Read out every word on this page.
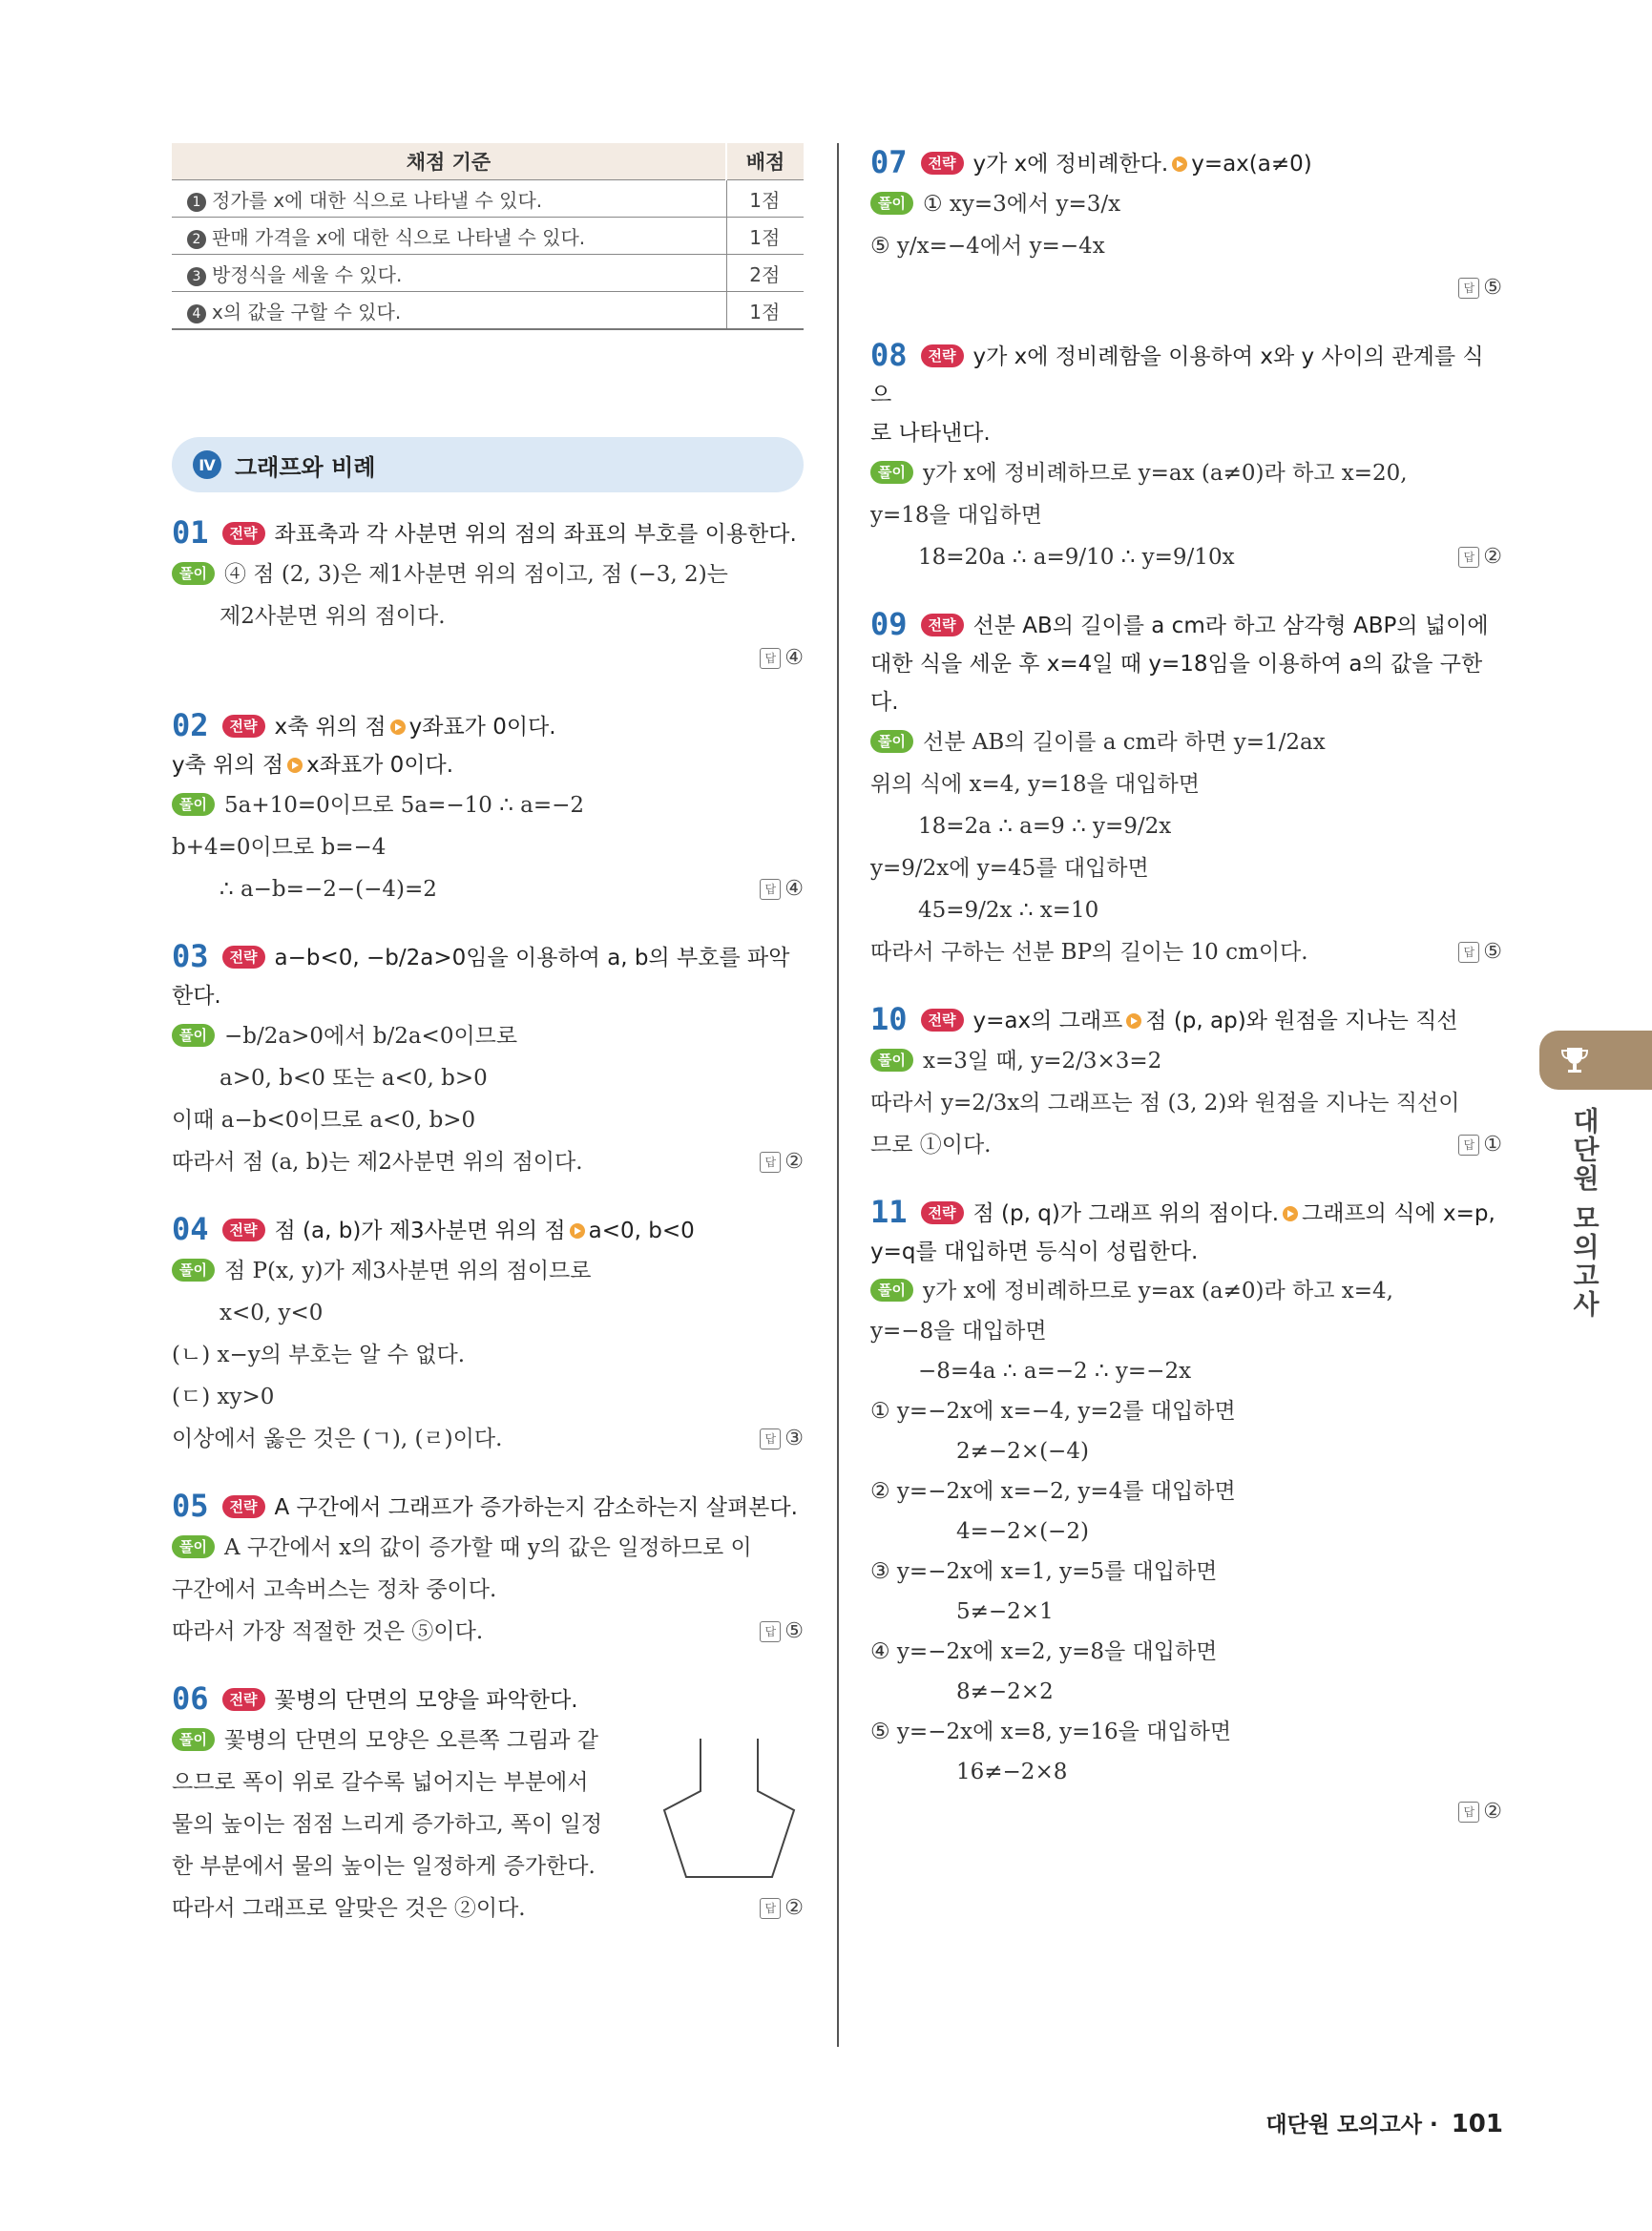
채점 기준	배점
1 정가를 x에 대한 식으로 나타낼 수 있다.	1점
2 판매 가격을 x에 대한 식으로 나타낼 수 있다.	1점
3 방정식을 세울 수 있다.	2점
4 x의 값을 구할 수 있다.	1점
Ⅳ 그래프와 비례
01 전략 좌표축과 각 사분면 위의 점의 좌표의 부호를 이용한다.
풀이 ④ 점 (2, 3)은 제1사분면 위의 점이고, 점 (−3, 2)는
제2사분면 위의 점이다.
답 ④
02 전략 x축 위의 점 y좌표가 0이다.
y축 위의 점 x좌표가 0이다.
풀이 5a+10=0이므로 5a=−10 ∴ a=−2
b+4=0이므로 b=−4
∴ a−b=−2−(−4)=2	답 ④
03 전략 a−b<0, −b/2a>0임을 이용하여 a, b의 부호를 파악
한다.
풀이 −b/2a>0에서 b/2a<0이므로
a>0, b<0 또는 a<0, b>0
이때 a−b<0이므로 a<0, b>0
따라서 점 (a, b)는 제2사분면 위의 점이다.	답 ②
04 전략 점 (a, b)가 제3사분면 위의 점 a<0, b<0
풀이 점 P(x, y)가 제3사분면 위의 점이므로
x<0, y<0
(ㄴ) x−y의 부호는 알 수 없다.
(ㄷ) xy>0
이상에서 옳은 것은 (ㄱ), (ㄹ)이다.	답 ③
05 전략 A 구간에서 그래프가 증가하는지 감소하는지 살펴본다.
풀이 A 구간에서 x의 값이 증가할 때 y의 값은 일정하므로 이
구간에서 고속버스는 정차 중이다.
따라서 가장 적절한 것은 ⑤이다.	답 ⑤
06 전략 꽃병의 단면의 모양을 파악한다.
풀이 꽃병의 단면의 모양은 오른쪽 그림과 같
으므로 폭이 위로 갈수록 넓어지는 부분에서
물의 높이는 점점 느리게 증가하고, 폭이 일정
한 부분에서 물의 높이는 일정하게 증가한다.
따라서 그래프로 알맞은 것은 ②이다.	답 ②
07 전략 y가 x에 정비례한다. y=ax(a≠0)
풀이 ① xy=3에서 y=3/x
⑤ y/x=−4에서 y=−4x
답 ⑤
08 전략 y가 x에 정비례함을 이용하여 x와 y 사이의 관계를 식으
로 나타낸다.
풀이 y가 x에 정비례하므로 y=ax (a≠0)라 하고 x=20,
y=18을 대입하면
18=20a ∴ a=9/10 ∴ y=9/10x	답 ②
09 전략 선분 AB의 길이를 a cm라 하고 삼각형 ABP의 넓이에
대한 식을 세운 후 x=4일 때 y=18임을 이용하여 a의 값을 구한다.
풀이 선분 AB의 길이를 a cm라 하면 y=1/2ax
위의 식에 x=4, y=18을 대입하면
18=2a ∴ a=9 ∴ y=9/2x
y=9/2x에 y=45를 대입하면
45=9/2x ∴ x=10
따라서 구하는 선분 BP의 길이는 10 cm이다.	답 ⑤
10 전략 y=ax의 그래프 점 (p, ap)와 원점을 지나는 직선
풀이 x=3일 때, y=2/3×3=2
따라서 y=2/3x의 그래프는 점 (3, 2)와 원점을 지나는 직선이
므로 ①이다.	답 ①
11 전략 점 (p, q)가 그래프 위의 점이다. 그래프의 식에 x=p,
y=q를 대입하면 등식이 성립한다.
풀이 y가 x에 정비례하므로 y=ax (a≠0)라 하고 x=4,
y=−8을 대입하면
−8=4a ∴ a=−2 ∴ y=−2x
① y=−2x에 x=−4, y=2를 대입하면
2≠−2×(−4)
② y=−2x에 x=−2, y=4를 대입하면
4=−2×(−2)
③ y=−2x에 x=1, y=5를 대입하면
5≠−2×1
④ y=−2x에 x=2, y=8을 대입하면
8≠−2×2
⑤ y=−2x에 x=8, y=16을 대입하면
16≠−2×8
답 ②
대단원 모의고사
대단원 모의고사 · 101
